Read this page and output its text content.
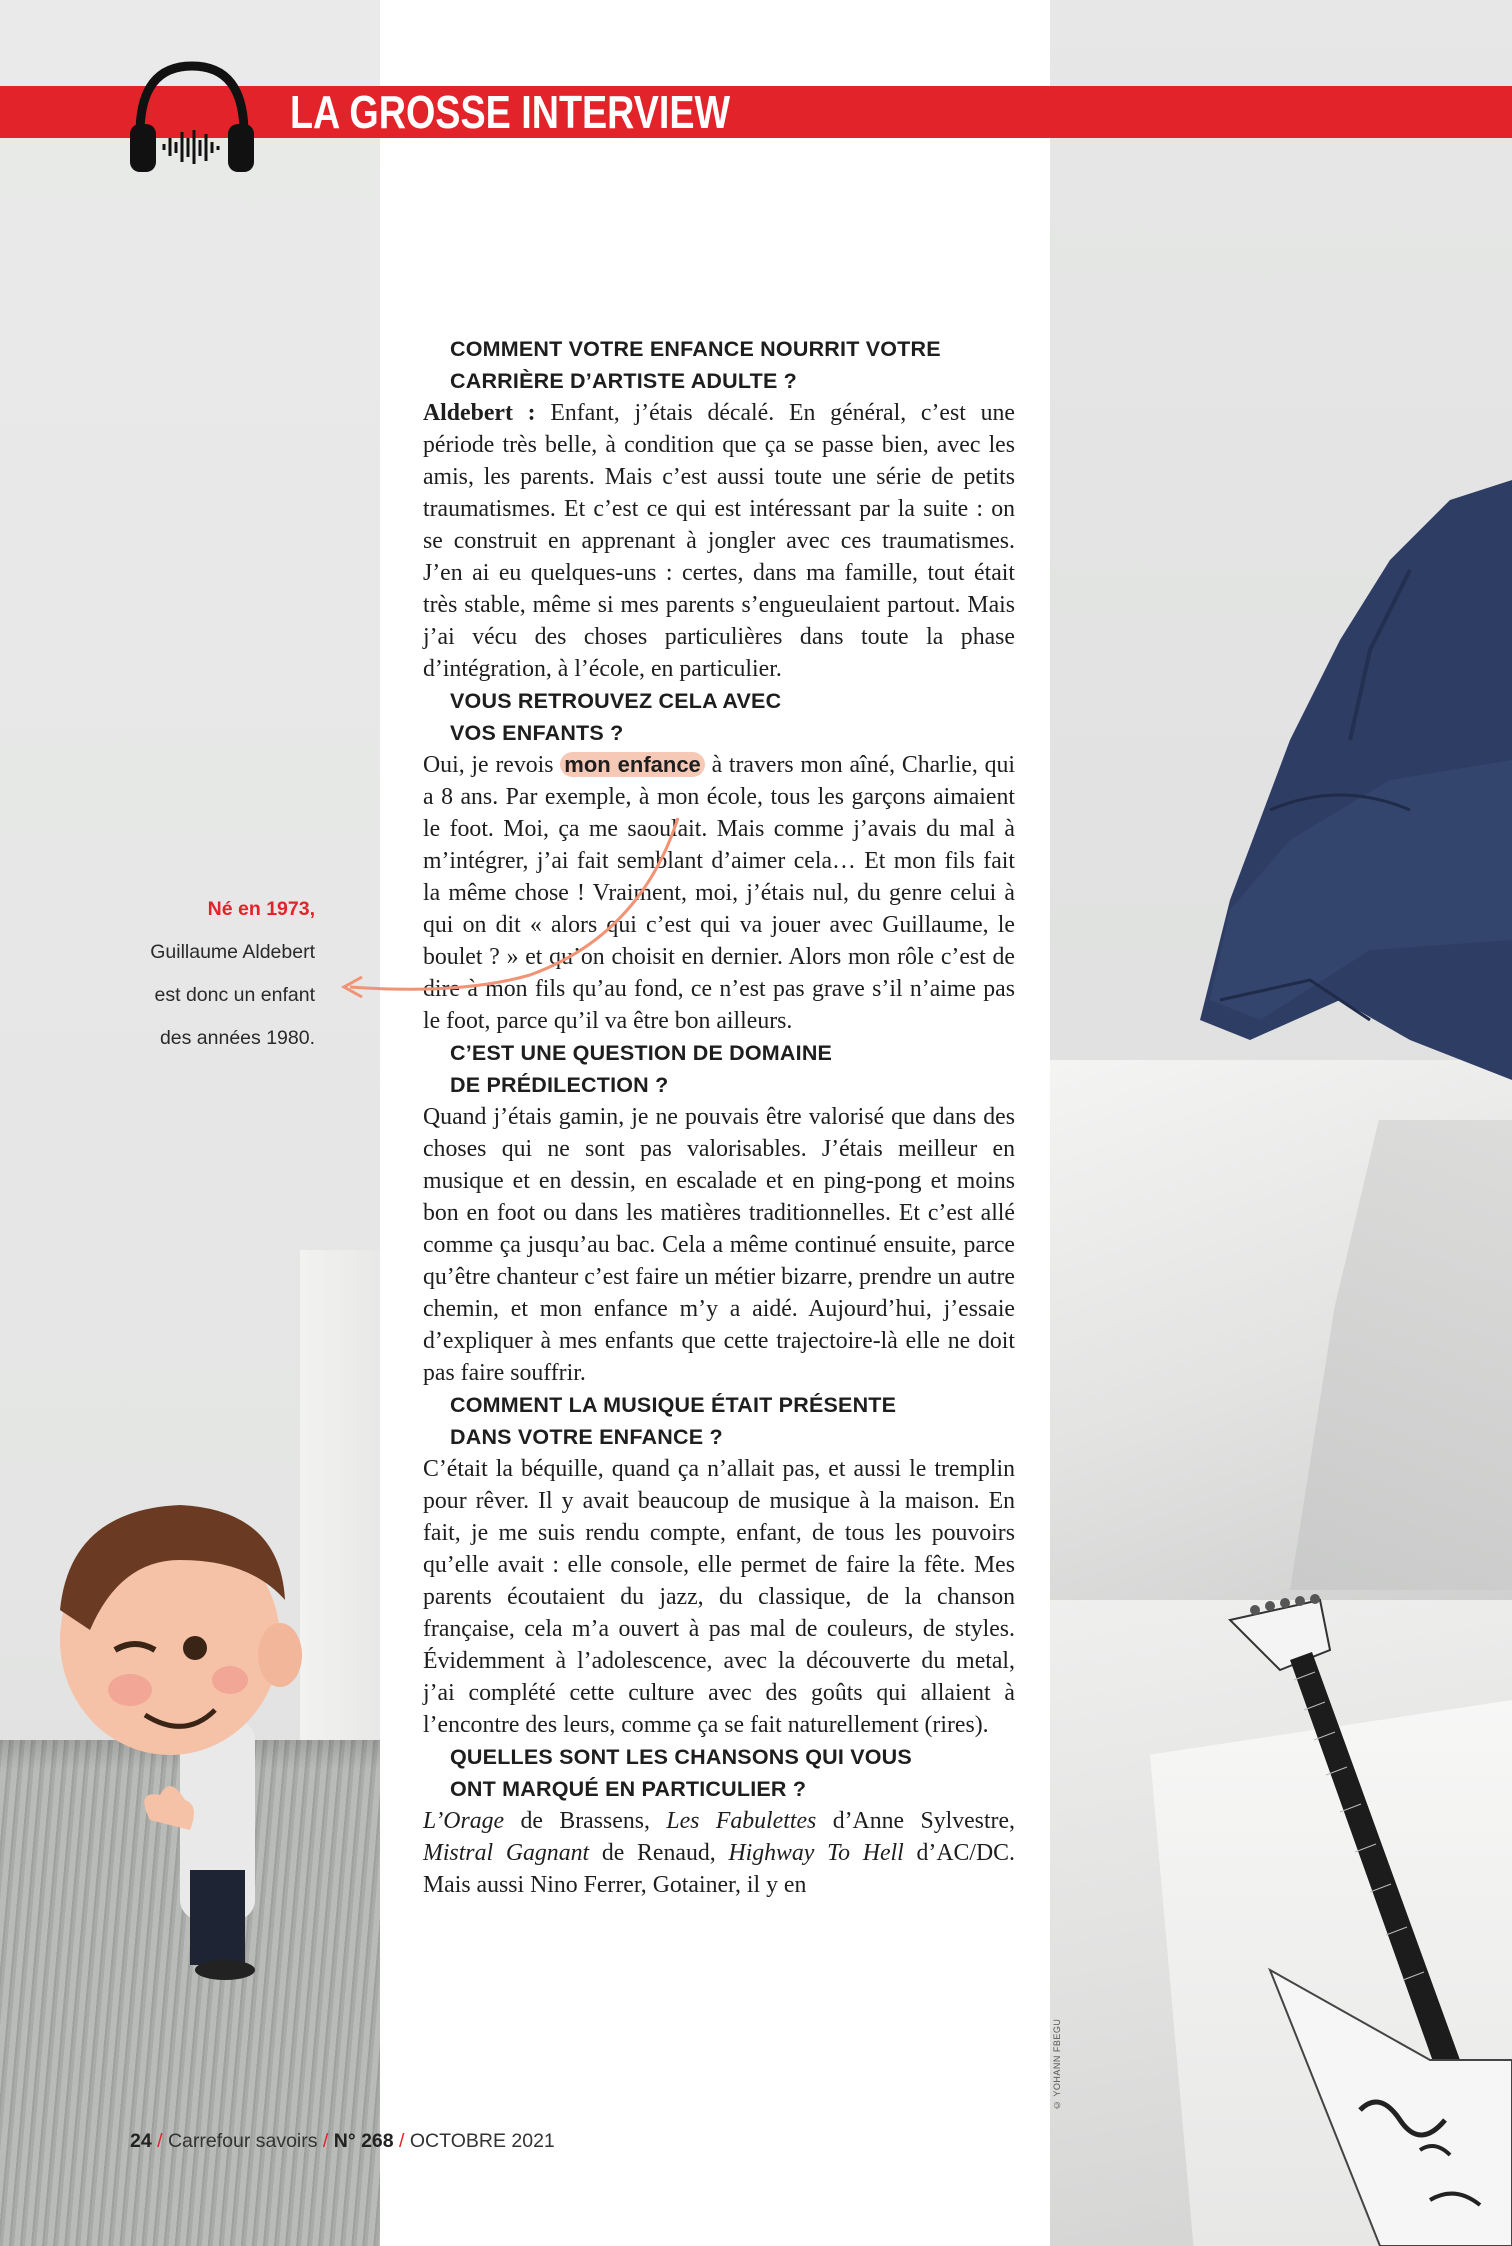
LA GROSSE INTERVIEW
COMMENT VOTRE ENFANCE NOURRIT VOTRE
CARRIÈRE D’ARTISTE ADULTE ?

Aldebert : Enfant, j’étais décalé. En général, c’est une période très belle, à condition que ça se passe bien, avec les amis, les parents. Mais c’est aussi toute une série de petits traumatismes. Et c’est ce qui est intéressant par la suite : on se construit en apprenant à jongler avec ces traumatismes. J’en ai eu quelques-uns : certes, dans ma famille, tout était très stable, même si mes parents s’engueulaient partout. Mais j’ai vécu des choses particulières dans toute la phase d’intégration, à l’école, en particulier.

VOUS RETROUVEZ CELA AVEC
VOS ENFANTS ?

Oui, je revois mon enfance à travers mon aîné, Charlie, qui a 8 ans. Par exemple, à mon école, tous les garçons aimaient le foot. Moi, ça me saoulait. Mais comme j’avais du mal à m’intégrer, j’ai fait semblant d’aimer cela… Et mon fils fait la même chose ! Vraiment, moi, j’étais nul, du genre celui à qui on dit « alors qui c’est qui va jouer avec Guillaume, le boulet ? » et qu’on choisit en dernier. Alors mon rôle c’est de dire à mon fils qu’au fond, ce n’est pas grave s’il n’aime pas le foot, parce qu’il va être bon ailleurs.

C’EST UNE QUESTION DE DOMAINE
DE PRÉDILECTION ?

Quand j’étais gamin, je ne pouvais être valorisé que dans des choses qui ne sont pas valorisables. J’étais meilleur en musique et en dessin, en escalade et en ping-pong et moins bon en foot ou dans les matières traditionnelles. Et c’est allé comme ça jusqu’au bac. Cela a même continué ensuite, parce qu’être chanteur c’est faire un métier bizarre, prendre un autre chemin, et mon enfance m’y a aidé. Aujourd’hui, j’essaie d’expliquer à mes enfants que cette trajectoire-là elle ne doit pas faire souffrir.

COMMENT LA MUSIQUE ÉTAIT PRÉSENTE
DANS VOTRE ENFANCE ?

C’était la béquille, quand ça n’allait pas, et aussi le tremplin pour rêver. Il y avait beaucoup de musique à la maison. En fait, je me suis rendu compte, enfant, de tous les pouvoirs qu’elle avait : elle console, elle permet de faire la fête. Mes parents écoutaient du jazz, du classique, de la chanson française, cela m’a ouvert à pas mal de couleurs, de styles. Évidemment à l’adolescence, avec la découverte du metal, j’ai complété cette culture avec des goûts qui allaient à l’encontre des leurs, comme ça se fait naturellement (rires).

QUELLES SONT LES CHANSONS QUI VOUS
ONT MARQUÉ EN PARTICULIER ?

L’Orage de Brassens, Les Fabulettes d’Anne Sylvestre, Mistral Gagnant de Renaud, Highway To Hell d’AC/DC. Mais aussi Nino Ferrer, Gotainer, il y en

Né en 1973,
Guillaume Aldebert
est donc un enfant
des années 1980.
© YOHANN FBEGU
24 / Carrefour savoirs / N° 268 / OCTOBRE 2021
